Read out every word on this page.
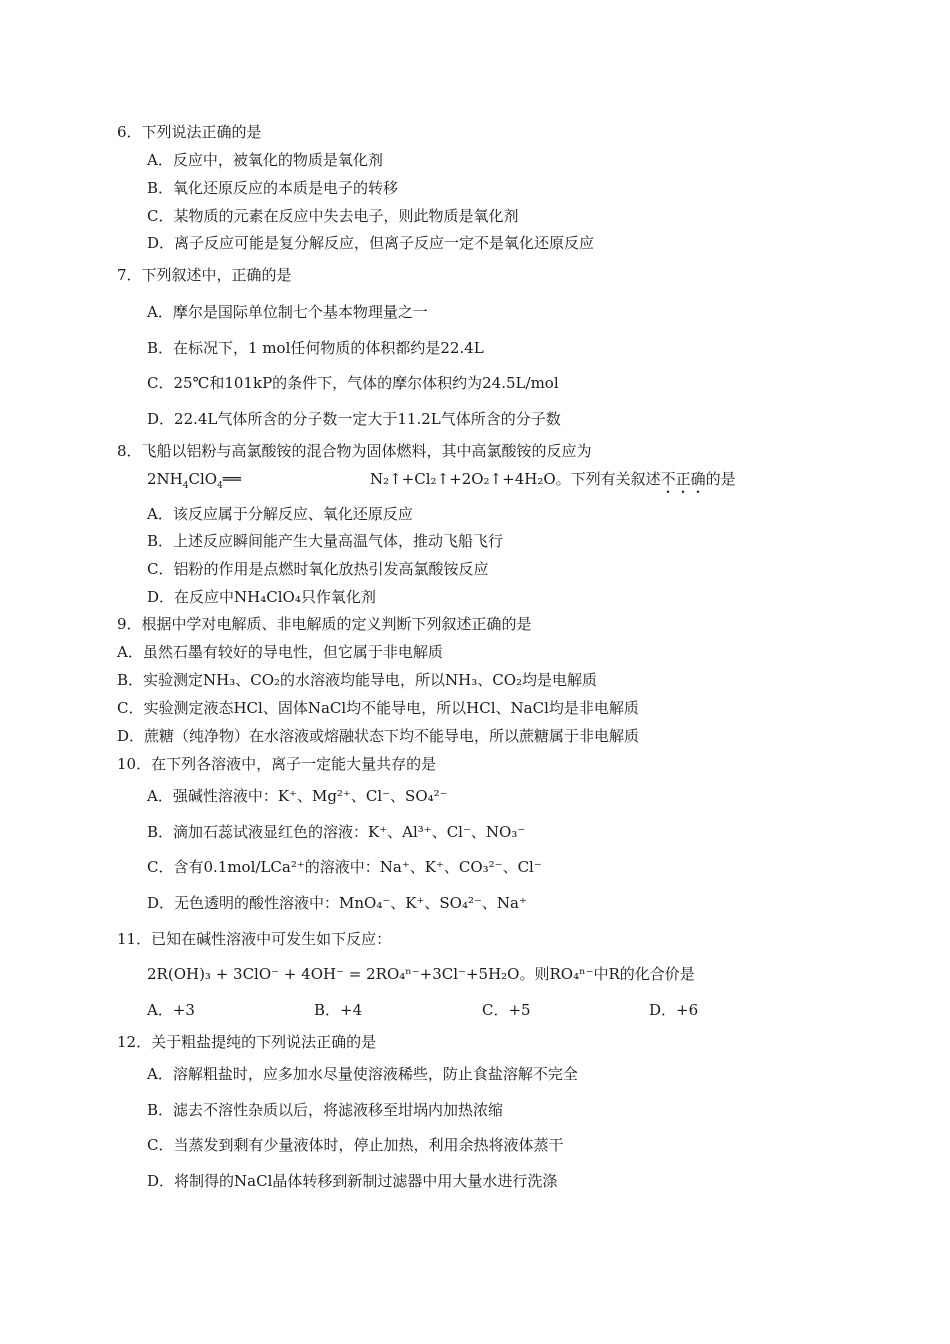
6．下列说法正确的是
A．反应中，被氧化的物质是氧化剂
B．氧化还原反应的本质是电子的转移
C．某物质的元素在反应中失去电子，则此物质是氧化剂
D．离子反应可能是复分解反应，但离子反应一定不是氧化还原反应
7．下列叙述中，正确的是
A．摩尔是国际单位制七个基本物理量之一
B．在标况下，1 mol任何物质的体积都约是22.4L
C．25℃和101kP的条件下，气体的摩尔体积约为24.5L/mol
D．22.4L气体所含的分子数一定大于11.2L气体所含的分子数
8．飞船以铝粉与高氯酸铵的混合物为固体燃料，其中高氯酸铵的反应为
$2NH_4ClO_4══$	N₂↑+Cl₂↑+2O₂↑+4H₂O。下列有关叙述不正确的是
A．该反应属于分解反应、氧化还原反应
B．上述反应瞬间能产生大量高温气体，推动飞船飞行
C．铝粉的作用是点燃时氧化放热引发高氯酸铵反应
D．在反应中NH₄ClO₄只作氧化剂
9．根据中学对电解质、非电解质的定义判断下列叙述正确的是
A．虽然石墨有较好的导电性，但它属于非电解质
B．实验测定NH₃、CO₂的水溶液均能导电，所以NH₃、CO₂均是电解质
C．实验测定液态HCl、固体NaCl均不能导电，所以HCl、NaCl均是非电解质
D．蔗糖（纯净物）在水溶液或熔融状态下均不能导电，所以蔗糖属于非电解质
10．在下列各溶液中，离子一定能大量共存的是
A．强碱性溶液中：K⁺、Mg²⁺、Cl⁻、SO₄²⁻
B．滴加石蕊试液显红色的溶液：K⁺、Al³⁺、Cl⁻、NO₃⁻
C．含有0.1mol/LCa²⁺的溶液中：Na⁺、K⁺、CO₃²⁻、Cl⁻
D．无色透明的酸性溶液中：MnO₄⁻、K⁺、SO₄²⁻、Na⁺
11．已知在碱性溶液中可发生如下反应：
2R(OH)₃ + 3ClO⁻ + 4OH⁻ = 2RO₄ⁿ⁻+3Cl⁻+5H₂O。则RO₄ⁿ⁻中R的化合价是
A．+3	B．+4	C．+5	D．+6
12．关于粗盐提纯的下列说法正确的是
A．溶解粗盐时，应多加水尽量使溶液稀些，防止食盐溶解不完全
B．滤去不溶性杂质以后，将滤液移至坩埚内加热浓缩
C．当蒸发到剩有少量液体时，停止加热，利用余热将液体蒸干
D．将制得的NaCl晶体转移到新制过滤器中用大量水进行洗涤
